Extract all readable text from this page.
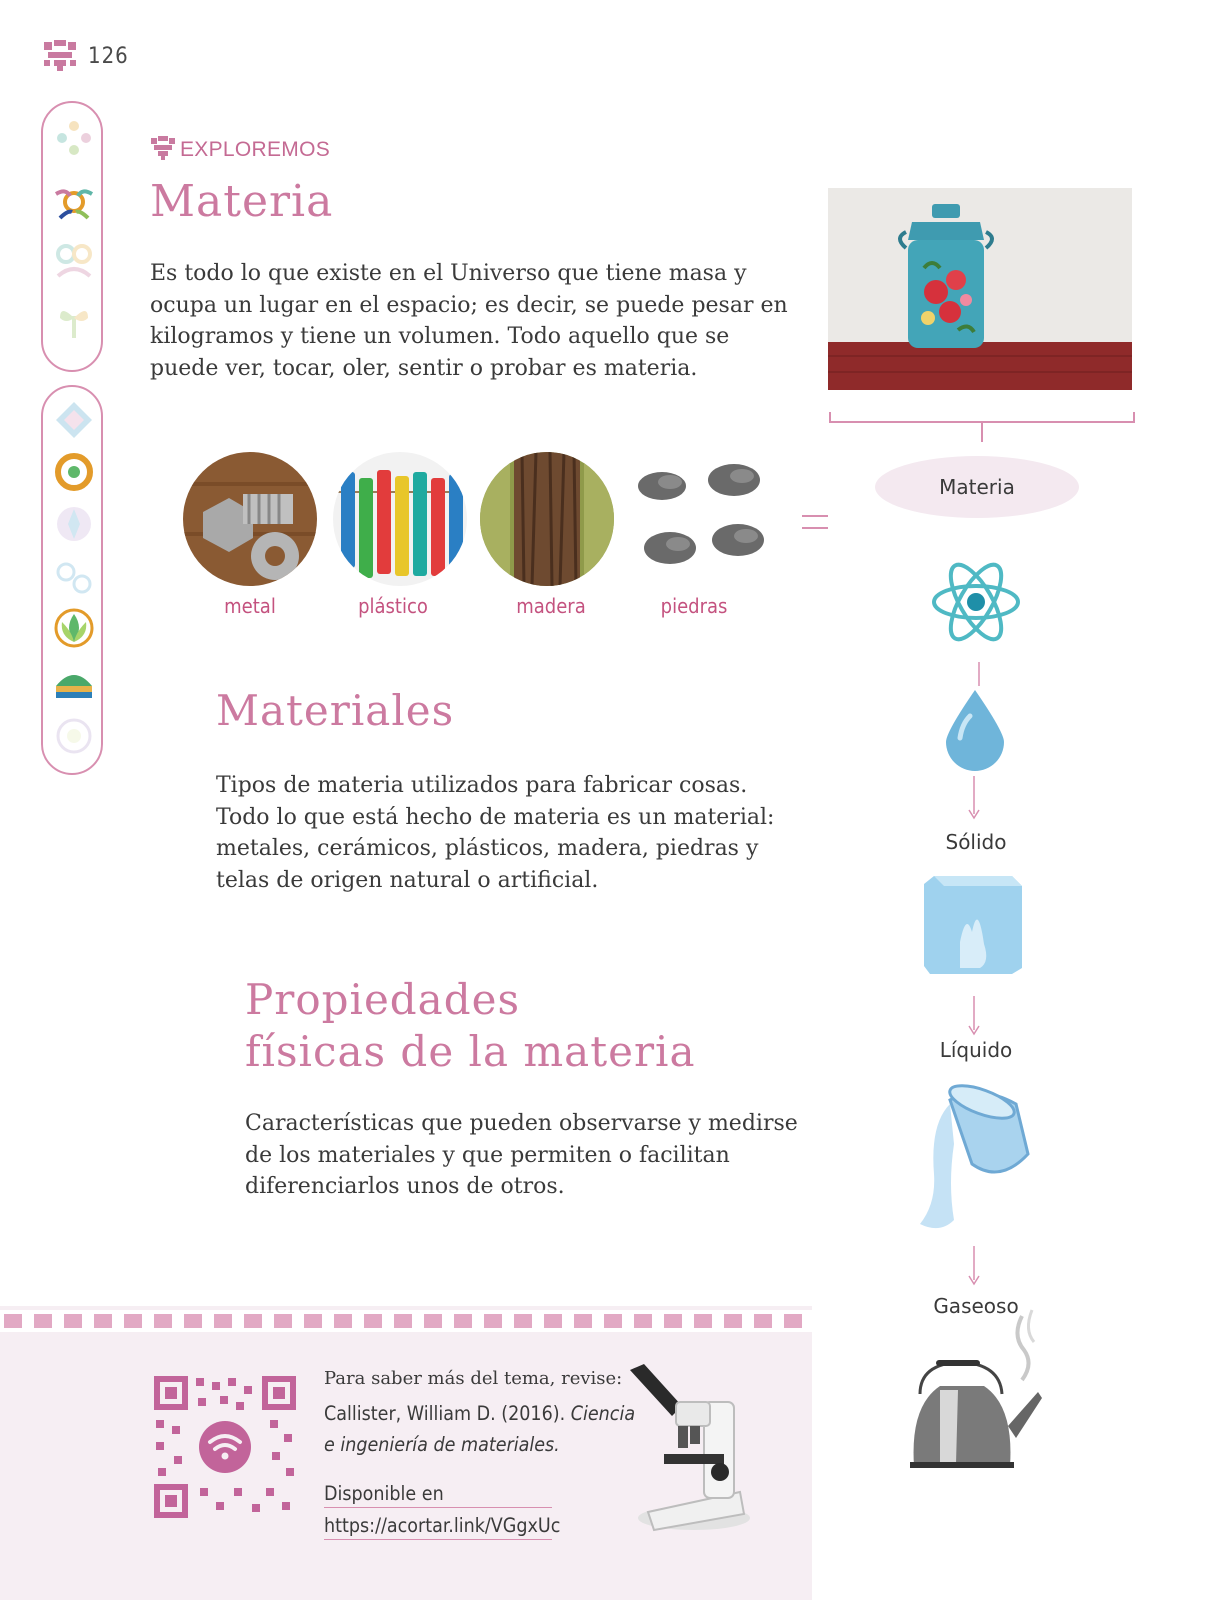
126
EXPLOREMOS
Materia

Es todo lo que existe en el Universo que tiene masa y ocupa un lugar en el espacio; es decir, se puede pesar en kilogramos y tiene un volumen. Todo aquello que se puede ver, tocar, oler, sentir o probar es materia.

Materia
metal	plástico	madera	piedras
Materiales

Tipos de materia utilizados para fabricar cosas. Todo lo que está hecho de materia es un material: metales, cerámicos, plásticos, madera, piedras y telas de origen natural o artificial.

Propiedades
físicas de la materia

Características que pueden observarse y medirse de los materiales y que permiten o facilitan diferenciarlos unos de otros.

Sólido
Líquido
Gaseoso
Para saber más del tema, revise:
Callister, William D. (2016). Ciencia
e ingeniería de materiales.
Disponible en
https://acortar.link/VGgxUc
